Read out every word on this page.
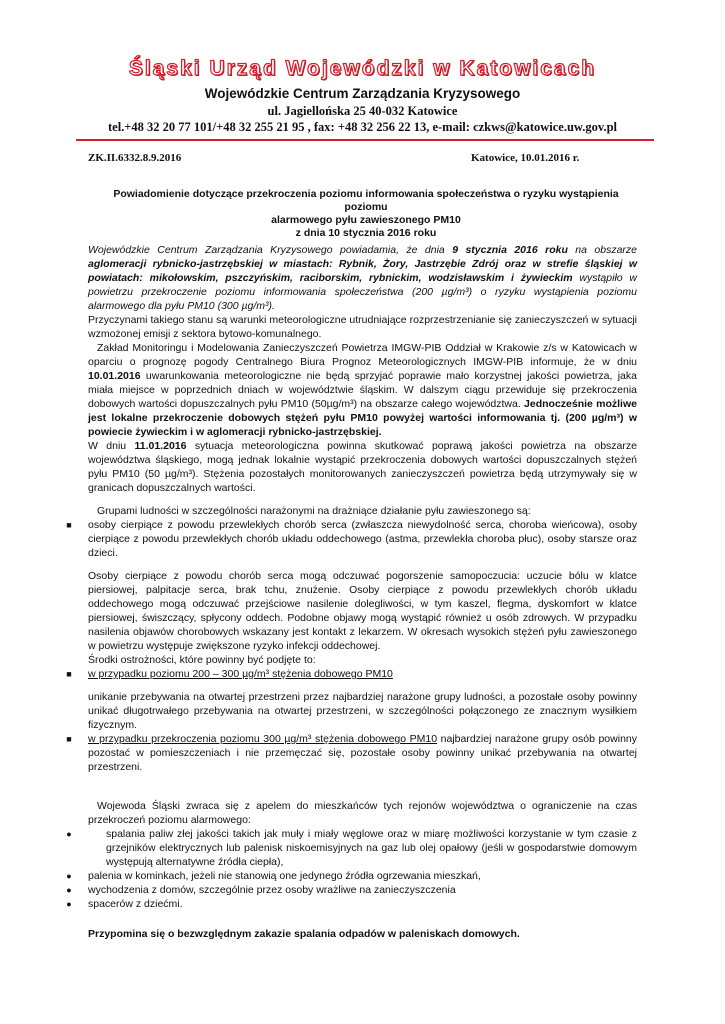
Śląski Urząd Wojewódzki w Katowicach
Wojewódzkie Centrum Zarządzania Kryzysowego
ul. Jagiellońska 25 40-032 Katowice
tel.+48 32 20 77 101/+48 32 255 21 95 , fax: +48 32 256 22 13, e-mail: czkws@katowice.uw.gov.pl
ZK.II.6332.8.9.2016	Katowice, 10.01.2016 r.
Powiadomienie dotyczące przekroczenia poziomu informowania społeczeństwa o ryzyku wystąpienia poziomu
alarmowego pyłu zawieszonego PM10
z dnia 10 stycznia 2016 roku

Wojewódzkie Centrum Zarządzania Kryzysowego powiadamia, że dnia 9 stycznia 2016 roku na obszarze aglomeracji rybnicko-jastrzębskiej w miastach: Rybnik, Żory, Jastrzębie Zdrój oraz w strefie śląskiej w powiatach: mikołowskim, pszczyńskim, raciborskim, rybnickim, wodzisławskim i żywieckim wystąpiło w powietrzu przekroczenie poziomu informowania społeczeństwa (200 µg/m³) o ryzyku wystąpienia poziomu alarmowego dla pyłu PM10 (300 µg/m³).

Przyczynami takiego stanu są warunki meteorologiczne utrudniające rozprzestrzenianie się zanieczyszczeń w sytuacji wzmożonej emisji z sektora bytowo-komunalnego.

Zakład Monitoringu i Modelowania Zanieczyszczeń Powietrza IMGW-PIB Oddział w Krakowie z/s w Katowicach w oparciu o prognozę pogody Centralnego Biura Prognoz Meteorologicznych IMGW-PIB informuje, że w dniu 10.01.2016 uwarunkowania meteorologiczne nie będą sprzyjać poprawie mało korzystnej jakości powietrza, jaka miała miejsce w poprzednich dniach w województwie śląskim. W dalszym ciągu przewiduje się przekroczenia dobowych wartości dopuszczalnych pyłu PM10 (50µg/m³) na obszarze całego województwa. Jednocześnie możliwe jest lokalne przekroczenie dobowych stężeń pyłu PM10 powyżej wartości informowania tj. (200 µg/m³) w powiecie żywieckim i w aglomeracji rybnicko-jastrzębskiej.

W dniu 11.01.2016 sytuacja meteorologiczna powinna skutkować poprawą jakości powietrza na obszarze województwa śląskiego, mogą jednak lokalnie wystąpić przekroczenia dobowych wartości dopuszczalnych stężeń pyłu PM10 (50 µg/m³). Stężenia pozostałych monitorowanych zanieczyszczeń powietrza będą utrzymywały się w granicach dopuszczalnych wartości.

Grupami ludności w szczególności narażonymi na drażniące działanie pyłu zawieszonego są:

■ osoby cierpiące z powodu przewlekłych chorób serca (zwłaszcza niewydolność serca, choroba wieńcowa), osoby cierpiące z powodu przewlekłych chorób układu oddechowego (astma, przewlekła choroba płuc), osoby starsze oraz dzieci.

Osoby cierpiące z powodu chorób serca mogą odczuwać pogorszenie samopoczucia: uczucie bólu w klatce piersiowej, palpitacje serca, brak tchu, znużenie. Osoby cierpiące z powodu przewlekłych chorób układu oddechowego mogą odczuwać przejściowe nasilenie dolegliwości, w tym kaszel, flegma, dyskomfort w klatce piersiowej, świszczący, spłycony oddech. Podobne objawy mogą wystąpić również u osób zdrowych. W przypadku nasilenia objawów chorobowych wskazany jest kontakt z lekarzem. W okresach wysokich stężeń pyłu zawieszonego w powietrzu występuje zwiększone ryzyko infekcji oddechowej.

Środki ostrożności, które powinny być podjęte to:

■ w przypadku poziomu 200 – 300 µg/m³ stężenia dobowego PM10

unikanie przebywania na otwartej przestrzeni przez najbardziej narażone grupy ludności, a pozostałe osoby powinny unikać długotrwałego przebywania na otwartej przestrzeni, w szczególności połączonego ze znacznym wysiłkiem fizycznym.

■ w przypadku przekroczenia poziomu 300 µg/m³ stężenia dobowego PM10 najbardziej narażone grupy osób powinny pozostać w pomieszczeniach i nie przemęczać się, pozostałe osoby powinny unikać przebywania na otwartej przestrzeni.

Wojewoda Śląski zwraca się z apelem do mieszkańców tych rejonów województwa o ograniczenie na czas przekroczeń poziomu alarmowego:

●	spalania paliw złej jakości takich jak muły i miały węglowe oraz w miarę możliwości korzystanie w tym czasie z grzejników elektrycznych lub palenisk niskoemisyjnych na gaz lub olej opałowy (jeśli w gospodarstwie domowym występują alternatywne źródła ciepła),

● palenia w kominkach, jeżeli nie stanowią one jedynego źródła ogrzewania mieszkań,

● wychodzenia z domów, szczególnie przez osoby wrażliwe na zanieczyszczenia

● spacerów z dziećmi.

Przypomina się o bezwzględnym zakazie spalania odpadów w paleniskach domowych.
